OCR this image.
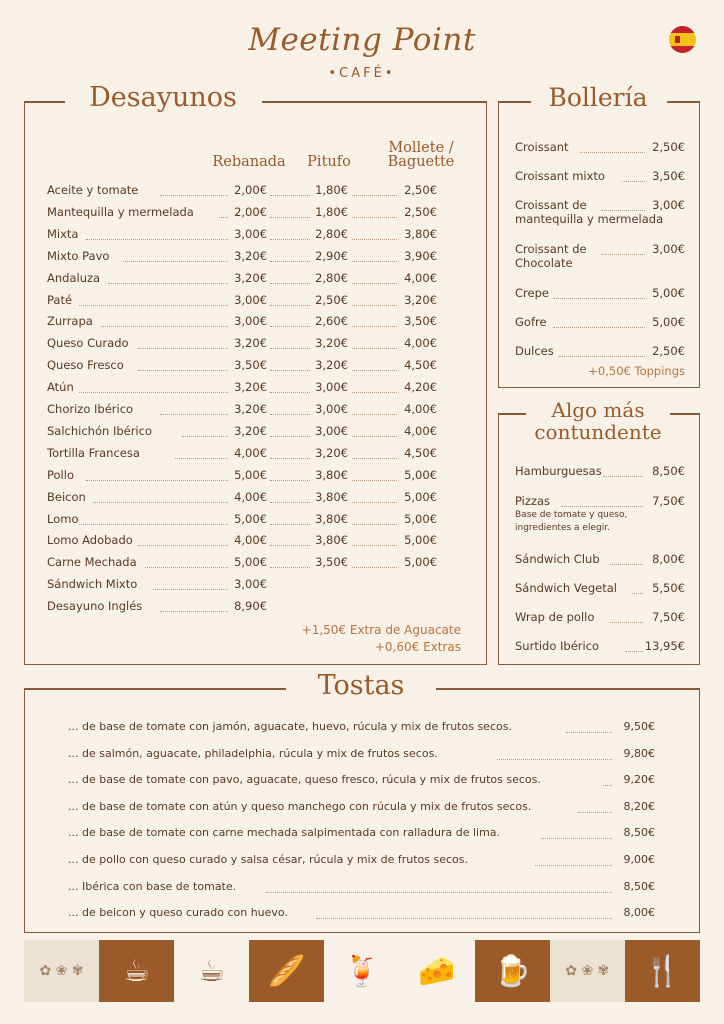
Meeting Point
•CAFÉ•
Desayunos
Rebanada	Pitufo
Mollete /
Baguette
Aceite y tomate	2,00€	1,80€	2,50€
Mantequilla y mermelada	2,00€	1,80€	2,50€
Mixta	3,00€	2,80€	3,80€
Mixto Pavo	3,20€	2,90€	3,90€
Andaluza	3,20€	2,80€	4,00€
Paté	3,00€	2,50€	3,20€
Zurrapa	3,00€	2,60€	3,50€
Queso Curado	3,20€	3,20€	4,00€
Queso Fresco	3,50€	3,20€	4,50€
Atún	3,20€	3,00€	4,20€
Chorizo Ibérico	3,20€	3,00€	4,00€
Salchichón Ibérico	3,20€	3,00€	4,00€
Tortilla Francesa	4,00€	3,20€	4,50€
Pollo	5,00€	3,80€	5,00€
Beicon	4,00€	3,80€	5,00€
Lomo	5,00€	3,80€	5,00€
Lomo Adobado	4,00€	3,80€	5,00€
Carne Mechada	5,00€	3,50€	5,00€
Sándwich Mixto	3,00€
Desayuno Inglés	8,90€
+1,50€ Extra de Aguacate
+0,60€ Extras
Bollería
Croissant	2,50€
Croissant mixto	3,50€
Croissant de
mantequilla y mermelada
3,00€
Croissant de
Chocolate
3,00€
Crepe	5,00€
Gofre	5,00€
Dulces	2,50€
+0,50€ Toppings
Algo más
contundente
Hamburguesas	8,50€
Pizzas	7,50€
Base de tomate y queso,
ingredientes a elegir.
Sándwich Club	8,00€
Sándwich Vegetal	5,50€
Wrap de pollo	7,50€
Surtido Ibérico	13,95€
Tostas
... de base de tomate con jamón, aguacate, huevo, rúcula y mix de frutos secos.	9,50€
... de salmón, aguacate, philadelphia, rúcula y mix de frutos secos.	9,80€
... de base de tomate con pavo, aguacate, queso fresco, rúcula y mix de frutos secos.	9,20€
... de base de tomate con atún y queso manchego con rúcula y mix de frutos secos.	8,20€
... de base de tomate con carne mechada salpimentada con ralladura de lima.	8,50€
... de pollo con queso curado y salsa césar, rúcula y mix de frutos secos.	9,00€
... Ibérica con base de tomate.	8,50€
... de beicon y queso curado con huevo.	8,00€
✿ ❀ ✾	☕	☕	🥖	🍹	🧀	🍺	✿ ❀ ✾	🍴
